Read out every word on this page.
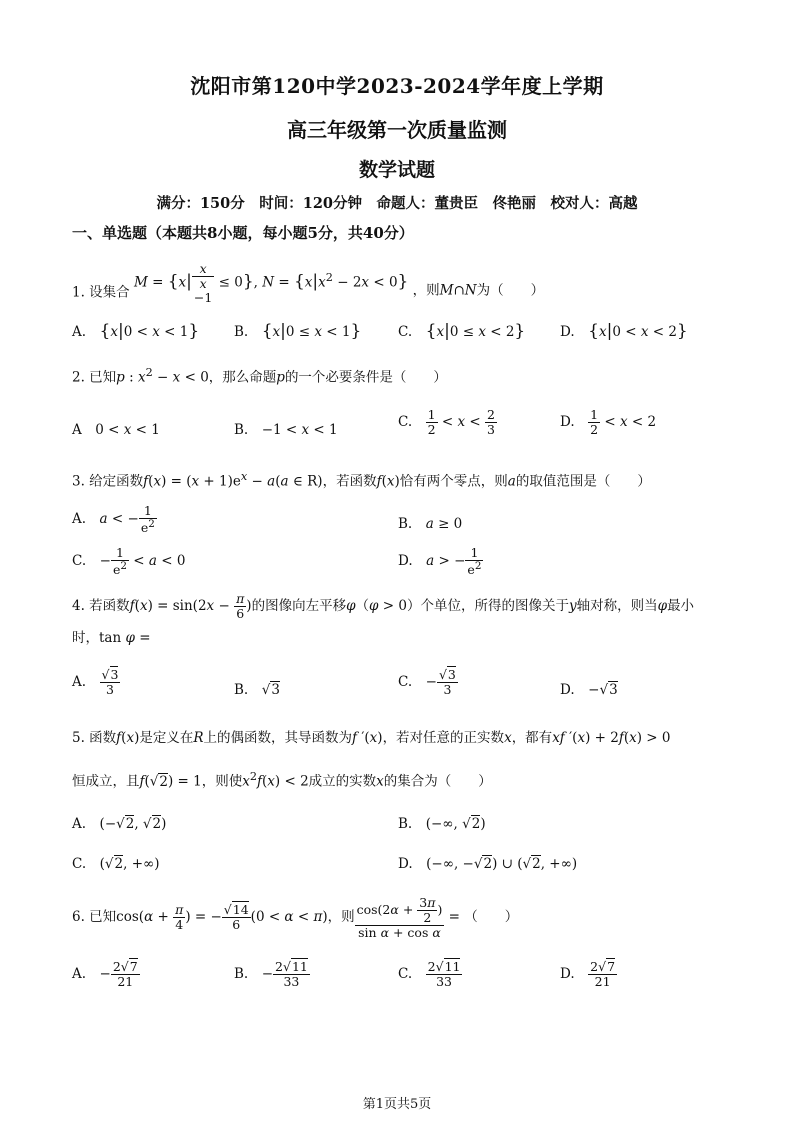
沈阳市第120中学2023-2024学年度上学期
高三年级第一次质量监测
数学试题
满分：150分　时间：120分钟　命题人：董贵臣　佟艳丽　校对人：高越
一、单选题（本题共8小题，每小题5分，共40分）
1. 设集合 M = {x|
x
x
−1
≤ 0}, $N = \{x|x^2 - 2x < 0\}$ ，则M∩N为（　　）
A.　 {x|0 < x < 1}	B.　 {x|0 ≤ x < 1}	C.　 {x|0 ≤ x < 2}	D.　 {x|0 < x < 2}
2. 已知p : $x^2 - x < 0$，那么命题p的一个必要条件是（　　）
A　0 < x < 1	B.　−1 < x < 1
C.　 $\frac{1}{2} < x < \frac{2}{3}$	D.　 $\frac{1}{2} < x < 2$
3. 给定函数$f(x) = (x + 1)e^x - a(a$ ∈ R)，若函数f(x)恰有两个零点，则a的取值范围是（　　）
A.　 a < − $\frac{1}{e^2}$	B.　 a ≥ 0
C.　− $\frac{1}{e^2} < a < 0$	D.　 a > − $\frac{1}{e^2}$
4. 若函数$f(x) = \sin(2x - \frac{\pi}{6}$ )的图像向左平移φ（φ > 0）个单位，所得的图像关于y轴对称，则当φ最小
时，tan φ =
A.　 $\frac{√3}{3}$	B.　√3
C.　− $\frac{√3}{3}$	D.　−√3
5. 函数f(x)是定义在R上的偶函数，其导函数为f ′(x)，若对任意的正实数x，都有xf ′(x) + 2f(x) > 0
恒成立，且f(√2) = 1，则使$x^2f(x) < 2$成立的实数x的集合为（　　）
A.　(−√2, √2)	B.　(−∞, √2)
C.　(√2, +∞)	D.　(−∞, −√2) ∪ (√2, +∞)
6. 已知$\cos(\alpha + \frac{\pi}{4}$ ) = − $\frac{√14}{6} (0 < \alpha < \pi)$，则 $\frac{\cos(2\alpha + \frac{3\pi}{2} )}{\text{sin α + cos α}}$ = （　　）
A.　− $\frac{2√7}{21}$	B.　− $\frac{2√11}{33}$	C.　 $\frac{2√11}{33}$	D.　 $\frac{2√7}{21}$
第1页共5页
